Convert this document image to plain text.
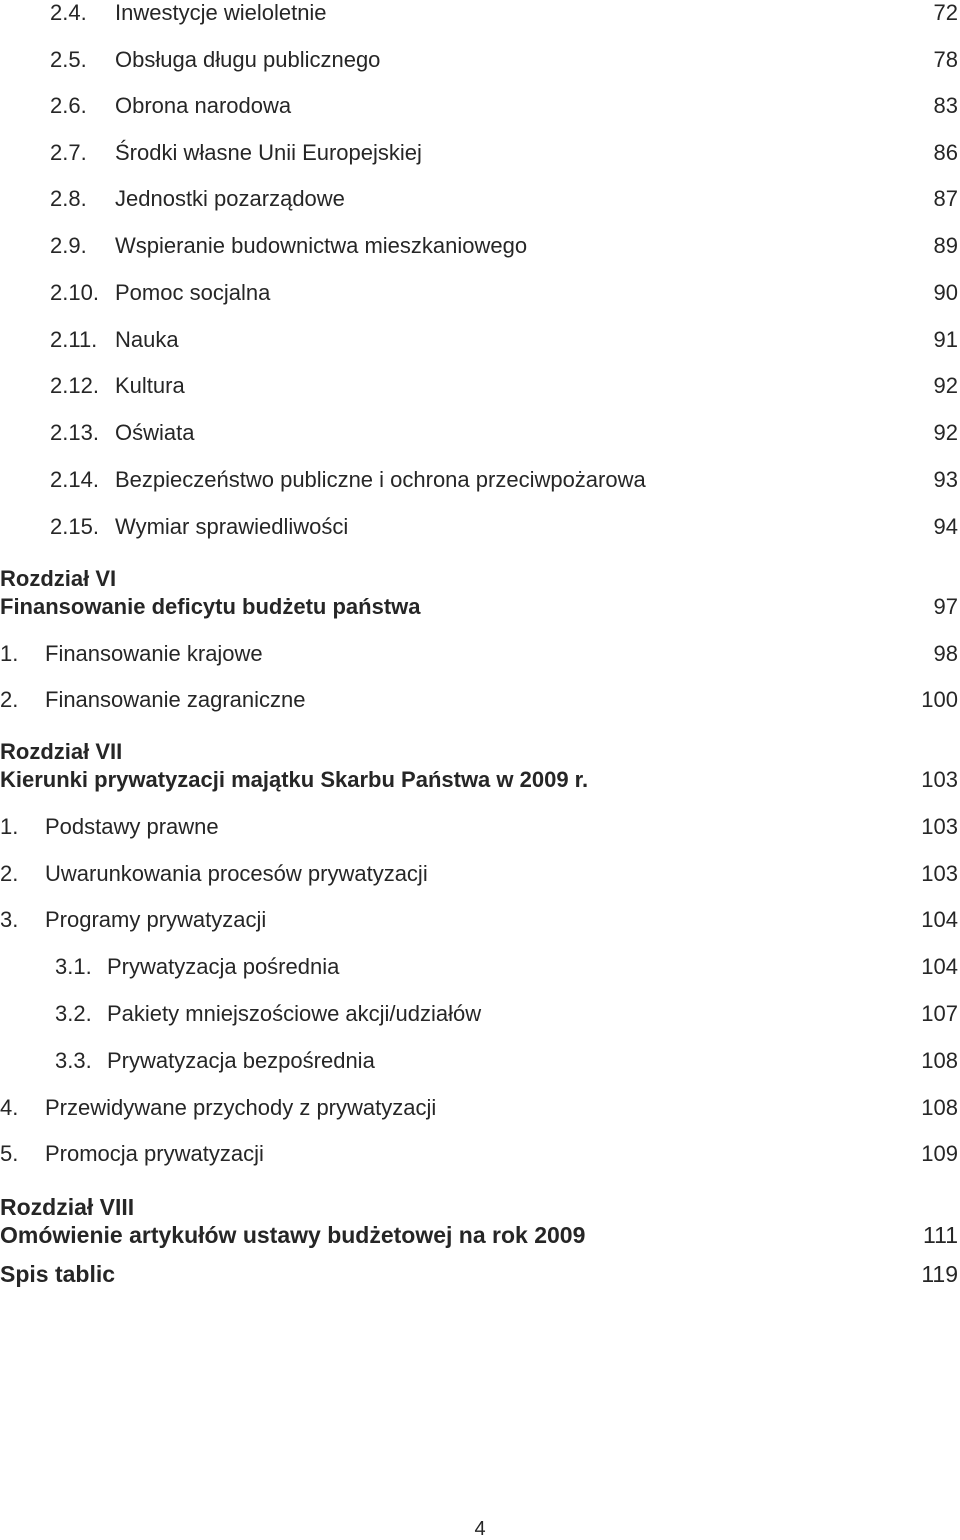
2.4. Inwestycje wieloletnie	72
2.5. Obsługa długu publicznego	78
2.6. Obrona narodowa	83
2.7. Środki własne Unii Europejskiej	86
2.8. Jednostki pozarządowe	87
2.9. Wspieranie budownictwa mieszkaniowego	89
2.10. Pomoc socjalna	90
2.11. Nauka	91
2.12. Kultura	92
2.13. Oświata	92
2.14. Bezpieczeństwo publiczne i ochrona przeciwpożarowa	93
2.15. Wymiar sprawiedliwości	94
Rozdział VI
Finansowanie deficytu budżetu państwa	97
1. Finansowanie krajowe	98
2. Finansowanie zagraniczne	100
Rozdział VII
Kierunki prywatyzacji majątku Skarbu Państwa w 2009 r.	103
1. Podstawy prawne	103
2. Uwarunkowania procesów prywatyzacji	103
3. Programy prywatyzacji	104
3.1. Prywatyzacja pośrednia	104
3.2. Pakiety mniejszościowe akcji/udziałów	107
3.3. Prywatyzacja bezpośrednia	108
4. Przewidywane przychody z prywatyzacji	108
5. Promocja prywatyzacji	109
Rozdział VIII
Omówienie artykułów ustawy budżetowej na rok 2009	111
Spis tablic	119
4
